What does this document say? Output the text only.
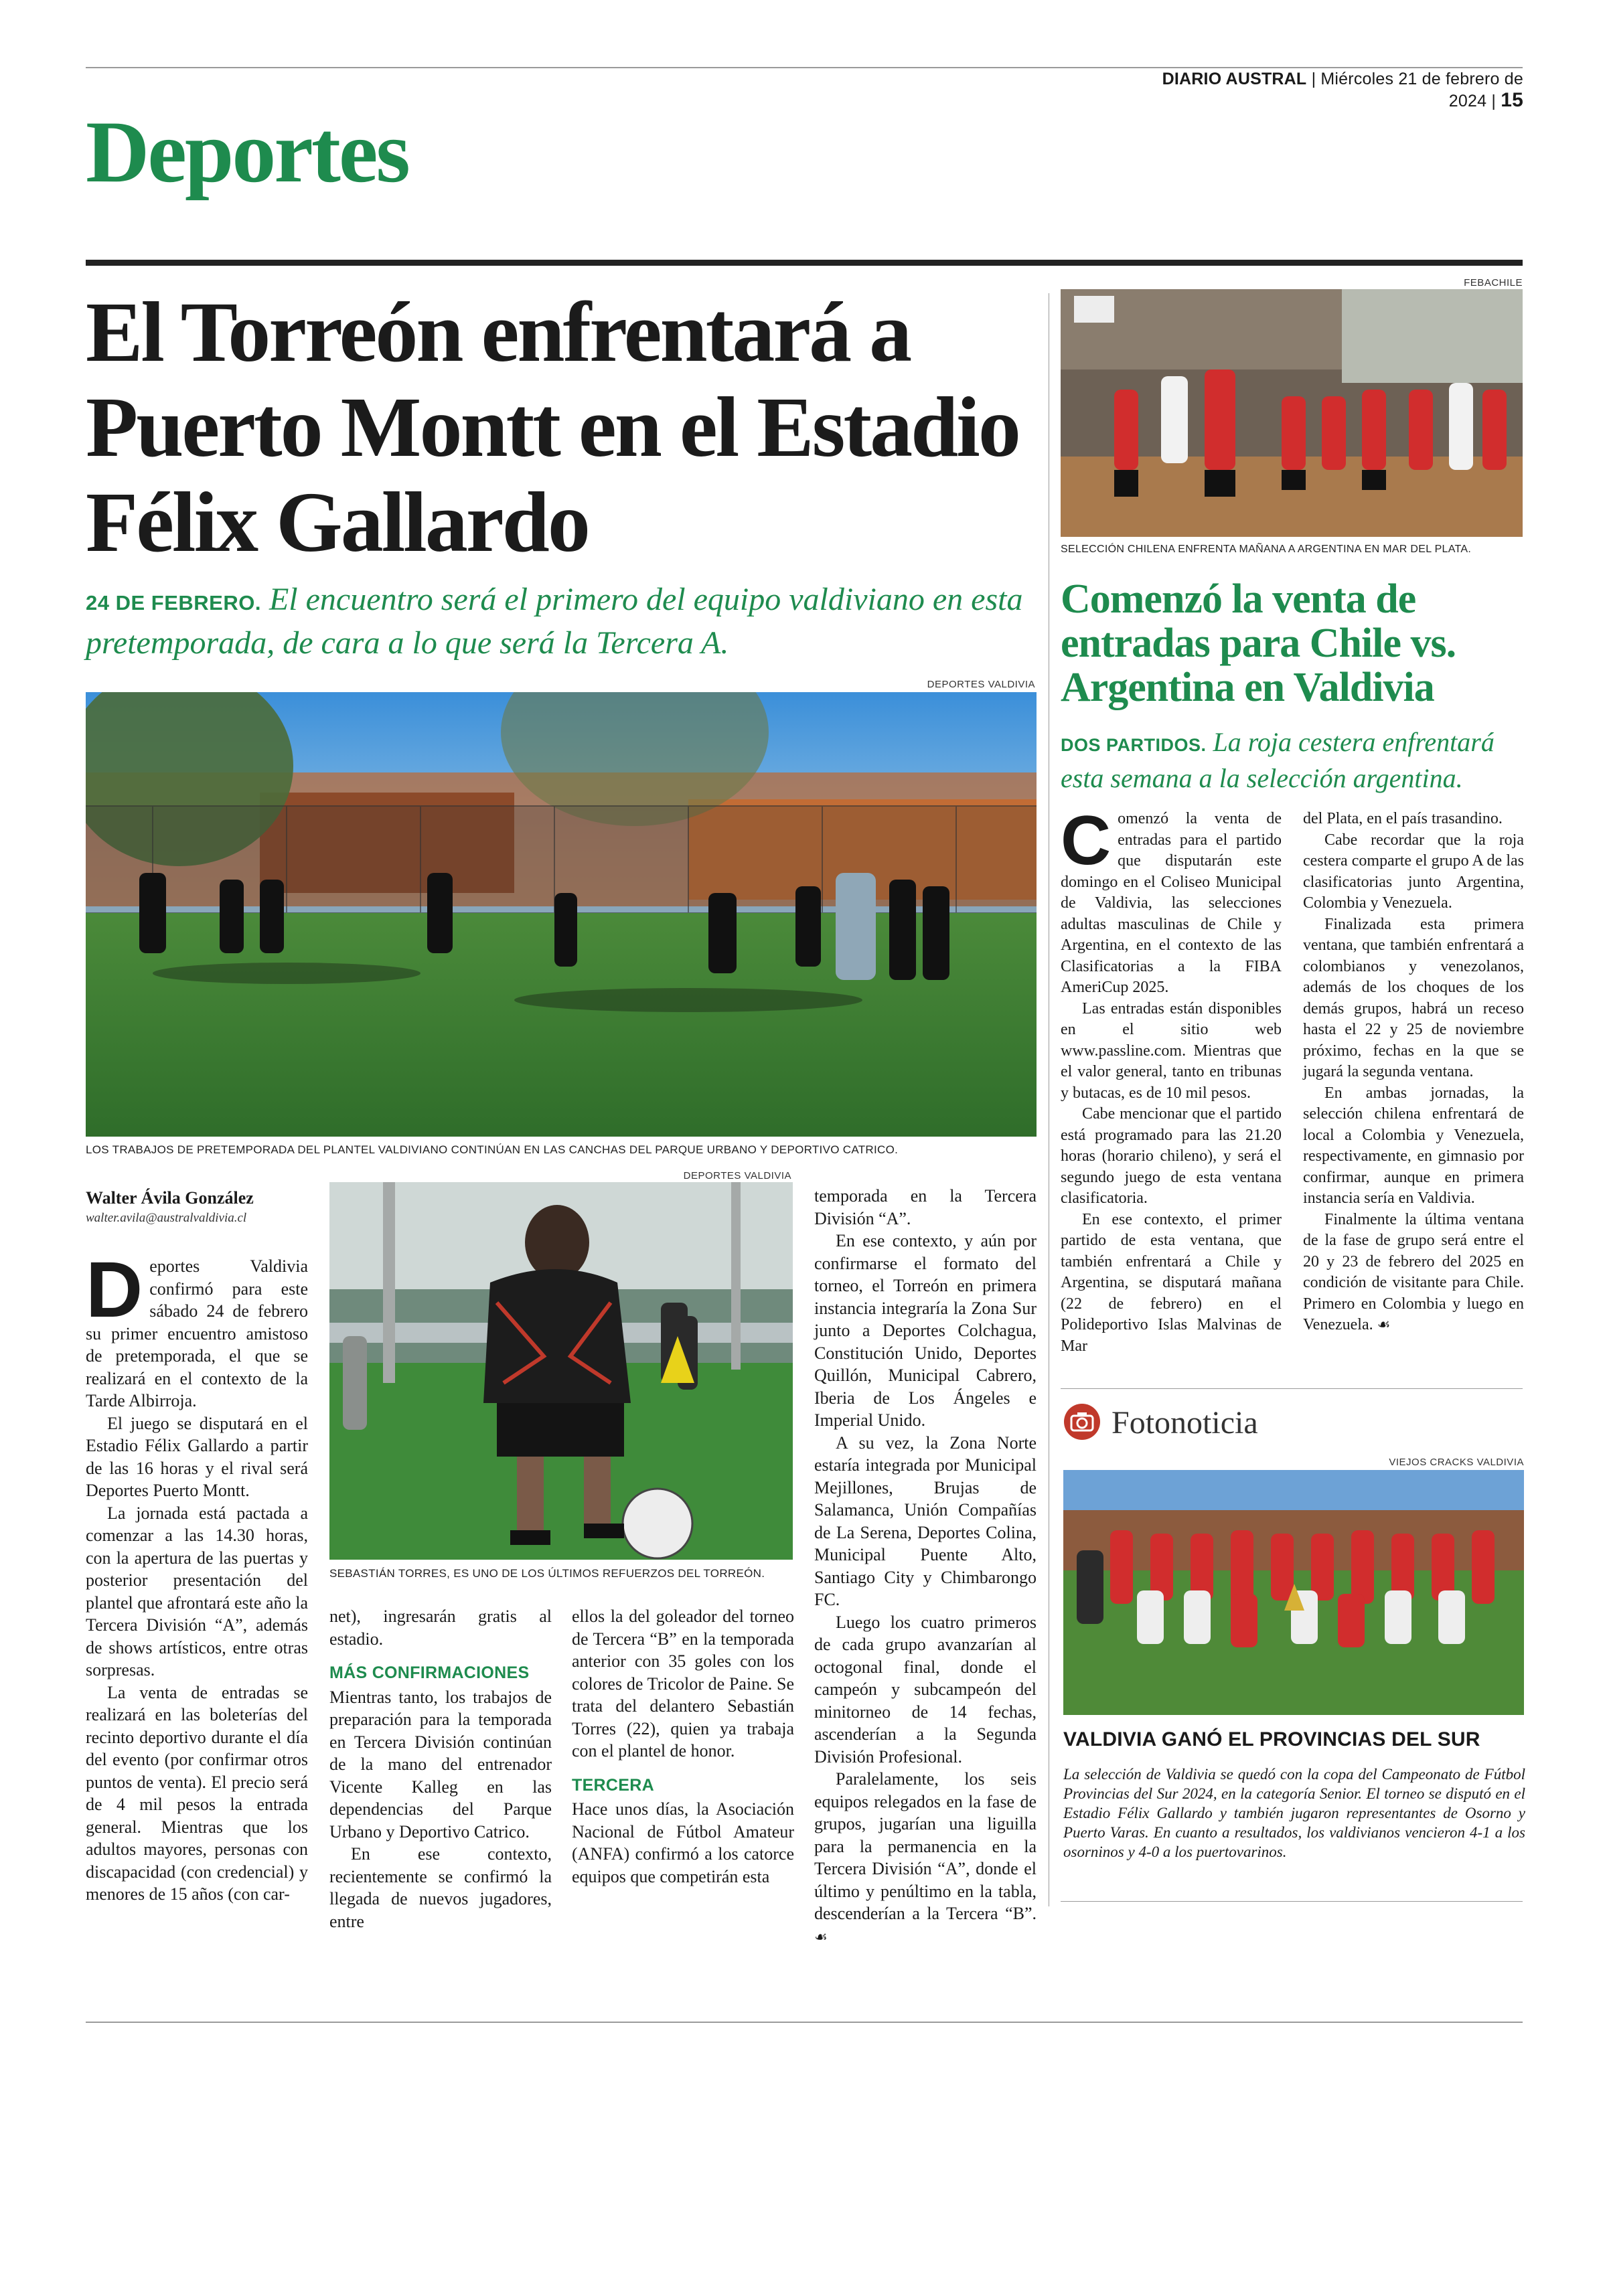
DIARIO AUSTRAL | Miércoles 21 de febrero de 2024 | 15
Deportes
El Torreón enfrentará a Puerto Montt en el Estadio Félix Gallardo
24 DE FEBRERO. El encuentro será el primero del equipo valdiviano en esta pretemporada, de cara a lo que será la Tercera A.
DEPORTES VALDIVIA
LOS TRABAJOS DE PRETEMPORADA DEL PLANTEL VALDIVIANO CONTINÚAN EN LAS CANCHAS DEL PARQUE URBANO Y DEPORTIVO CATRICO.
Walter Ávila González
walter.avila@australvaldivia.cl

Deportes Valdivia confirmó para este sábado 24 de febrero su primer encuentro amistoso de pretemporada, el que se realizará en el contexto de la Tarde Albirroja.

El juego se disputará en el Estadio Félix Gallardo a partir de las 16 horas y el rival será Deportes Puerto Montt.

La jornada está pactada a comenzar a las 14.30 horas, con la apertura de las puertas y posterior presentación del plantel que afrontará este año la Tercera División “A”, además de shows artísticos, entre otras sorpresas.

La venta de entradas se realizará en las boleterías del recinto deportivo durante el día del evento (por confirmar otros puntos de venta). El precio será de 4 mil pesos la entrada general. Mientras que los adultos mayores, personas con discapacidad (con credencial) y menores de 15 años (con car-

DEPORTES VALDIVIA
SEBASTIÁN TORRES, ES UNO DE LOS ÚLTIMOS REFUERZOS DEL TORREÓN.

net), ingresarán gratis al estadio.

MÁS CONFIRMACIONES

Mientras tanto, los trabajos de preparación para la temporada en Tercera División continúan de la mano del entrenador Vicente Kalleg en las dependencias del Parque Urbano y Deportivo Catrico.

En ese contexto, recientemente se confirmó la llegada de nuevos jugadores, entre

ellos la del goleador del torneo de Tercera “B” en la temporada anterior con 35 goles con los colores de Tricolor de Paine. Se trata del delantero Sebastián Torres (22), quien ya trabaja con el plantel de honor.

TERCERA

Hace unos días, la Asociación Nacional de Fútbol Amateur (ANFA) confirmó a los catorce equipos que competirán esta

temporada en la Tercera División “A”.

En ese contexto, y aún por confirmarse el formato del torneo, el Torreón en primera instancia integraría la Zona Sur junto a Deportes Colchagua, Constitución Unido, Deportes Quillón, Municipal Cabrero, Iberia de Los Ángeles e Imperial Unido.

A su vez, la Zona Norte estaría integrada por Municipal Mejillones, Brujas de Salamanca, Unión Compañías de La Serena, Deportes Colina, Municipal Puente Alto, Santiago City y Chimbarongo FC.

Luego los cuatro primeros de cada grupo avanzarían al octogonal final, donde el campeón y subcampeón del minitorneo de 14 fechas, ascenderían a la Segunda División Profesional.

Paralelamente, los seis equipos relegados en la fase de grupos, jugarían una liguilla para la permanencia en la Tercera División “A”, donde el último y penúltimo en la tabla, descenderían a la Tercera “B”. ☙

FEBACHILE
SELECCIÓN CHILENA ENFRENTA MAÑANA A ARGENTINA EN MAR DEL PLATA.
Comenzó la venta de entradas para Chile vs. Argentina en Valdivia
DOS PARTIDOS. La roja cestera enfrentará esta semana a la selección argentina.

Comenzó la venta de entradas para el partido que disputarán este domingo en el Coliseo Municipal de Valdivia, las selecciones adultas masculinas de Chile y Argentina, en el contexto de las Clasificatorias a la FIBA AmeriCup 2025.

Las entradas están disponibles en el sitio web www.passline.com. Mientras que el valor general, tanto en tribunas y butacas, es de 10 mil pesos.

Cabe mencionar que el partido está programado para las 21.20 horas (horario chileno), y será el segundo juego de esta ventana clasificatoria.

En ese contexto, el primer partido de esta ventana, que también enfrentará a Chile y Argentina, se disputará mañana (22 de febrero) en el Polideportivo Islas Malvinas de Mar

del Plata, en el país trasandino.

Cabe recordar que la roja cestera comparte el grupo A de las clasificatorias junto Argentina, Colombia y Venezuela.

Finalizada esta primera ventana, que también enfrentará a colombianos y venezolanos, además de los choques de los demás grupos, habrá un receso hasta el 22 y 25 de noviembre próximo, fechas en la que se jugará la segunda ventana.

En ambas jornadas, la selección chilena enfrentará de local a Colombia y Venezuela, respectivamente, en gimnasio por confirmar, aunque en primera instancia sería en Valdivia.

Finalmente la última ventana de la fase de grupo será entre el 20 y 23 de febrero del 2025 en condición de visitante para Chile. Primero en Colombia y luego en Venezuela. ☙

Fotonoticia
VIEJOS CRACKS VALDIVIA
VALDIVIA GANÓ EL PROVINCIAS DEL SUR
La selección de Valdivia se quedó con la copa del Campeonato de Fútbol Provincias del Sur 2024, en la categoría Senior. El torneo se disputó en el Estadio Félix Gallardo y también jugaron representantes de Osorno y Puerto Varas. En cuanto a resultados, los valdivianos vencieron 4-1 a los osorninos y 4-0 a los puertovarinos.
